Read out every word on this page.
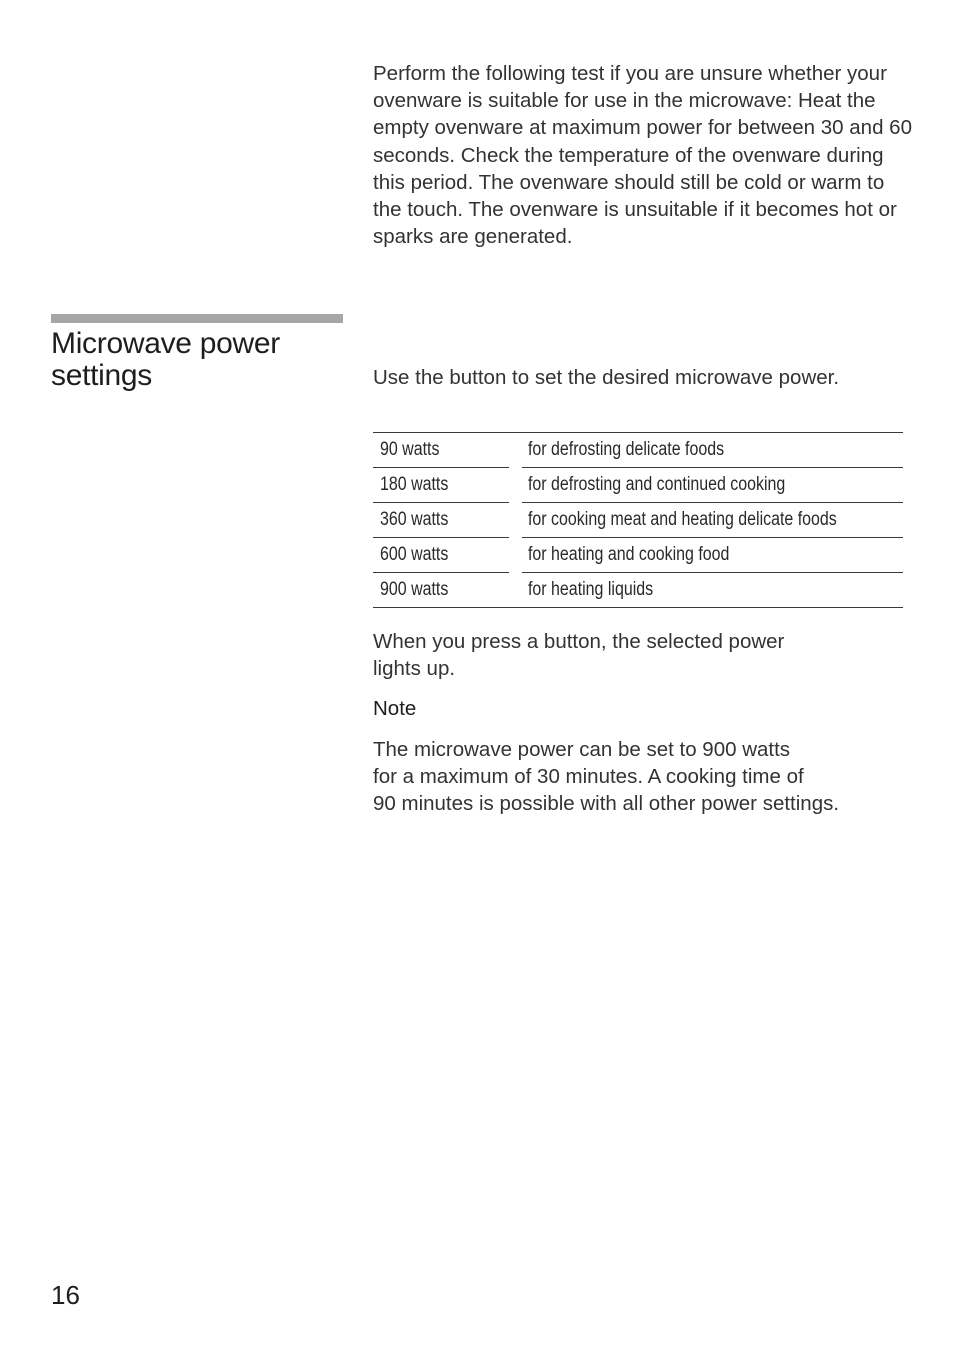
Perform the following test if you are unsure whether your ovenware is suitable for use in the microwave: Heat the empty ovenware at maximum power for between 30 and 60 seconds. Check the temperature of the ovenware during this period. The ovenware should still be cold or warm to the touch. The ovenware is unsuitable if it becomes hot or sparks are generated.

Microwave power settings	Use the button to set the desired microwave power.

90 watts		for defrosting delicate foods
180 watts		for defrosting and continued cooking
360 watts		for cooking meat and heating delicate foods
600 watts		for heating and cooking food
900 watts		for heating liquids

When you press a button, the selected power
lights up.

Note

The microwave power can be set to 900 watts
for a maximum of 30 minutes. A cooking time of
90 minutes is possible with all other power settings.

16
